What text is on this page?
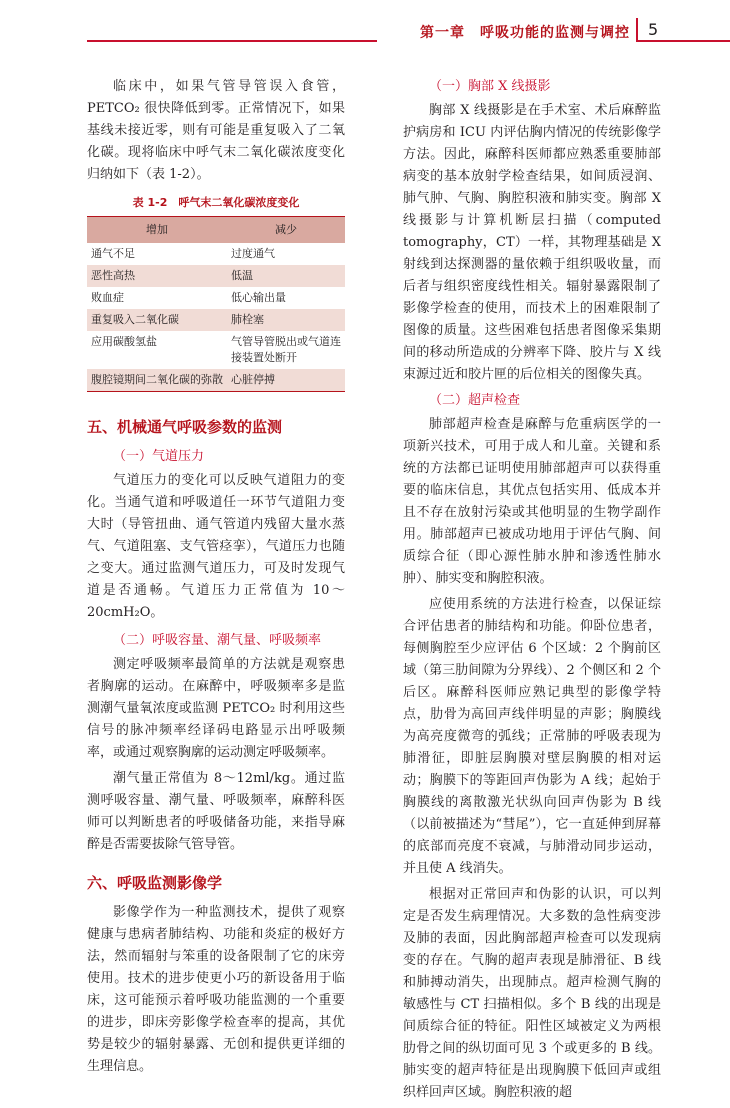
第一章　呼吸功能的监测与调控 5

临床中，如果气管导管误入食管，PETCO₂ 很快降低到零。正常情况下，如果基线未接近零，则有可能是重复吸入了二氧化碳。现将临床中呼气末二氧化碳浓度变化归纳如下（表 1-2）。

表 1-2　呼气末二氧化碳浓度变化
增加	减少
通气不足	过度通气
恶性高热	低温
败血症	低心输出量
重复吸入二氧化碳	肺栓塞
应用碳酸氢盐	气管导管脱出或气道连接装置处断开
腹腔镜期间二氧化碳的弥散	心脏停搏
五、机械通气呼吸参数的监测
（一）气道压力

气道压力的变化可以反映气道阻力的变化。当通气道和呼吸道任一环节气道阻力变大时（导管扭曲、通气管道内残留大量水蒸气、气道阻塞、支气管痉挛），气道压力也随之变大。通过监测气道压力，可及时发现气道是否通畅。气道压力正常值为 10～20cmH₂O。

（二）呼吸容量、潮气量、呼吸频率

测定呼吸频率最简单的方法就是观察患者胸廓的运动。在麻醉中，呼吸频率多是监测潮气量氧浓度或监测 PETCO₂ 时利用这些信号的脉冲频率经译码电路显示出呼吸频率，或通过观察胸廓的运动测定呼吸频率。

潮气量正常值为 8～12ml/kg。通过监测呼吸容量、潮气量、呼吸频率，麻醉科医师可以判断患者的呼吸储备功能，来指导麻醉是否需要拔除气管导管。

六、呼吸监测影像学

影像学作为一种监测技术，提供了观察健康与患病者肺结构、功能和炎症的极好方法，然而辐射与笨重的设备限制了它的床旁使用。技术的进步使更小巧的新设备用于临床，这可能预示着呼吸功能监测的一个重要的进步，即床旁影像学检查率的提高，其优势是较少的辐射暴露、无创和提供更详细的生理信息。

（一）胸部 X 线摄影

胸部 X 线摄影是在手术室、术后麻醉监护病房和 ICU 内评估胸内情况的传统影像学方法。因此，麻醉科医师都应熟悉重要肺部病变的基本放射学检查结果，如间质浸润、肺气肿、气胸、胸腔积液和肺实变。胸部 X 线摄影与计算机断层扫描（computed tomography，CT）一样，其物理基础是 X 射线到达探测器的量依赖于组织吸收量，而后者与组织密度线性相关。辐射暴露限制了影像学检查的使用，而技术上的困难限制了图像的质量。这些困难包括患者图像采集期间的移动所造成的分辨率下降、胶片与 X 线束源过近和胶片匣的后位相关的图像失真。

（二）超声检查

肺部超声检查是麻醉与危重病医学的一项新兴技术，可用于成人和儿童。关键和系统的方法都已证明使用肺部超声可以获得重要的临床信息，其优点包括实用、低成本并且不存在放射污染或其他明显的生物学副作用。肺部超声已被成功地用于评估气胸、间质综合征（即心源性肺水肿和渗透性肺水肿）、肺实变和胸腔积液。

应使用系统的方法进行检查，以保证综合评估患者的肺结构和功能。仰卧位患者，每侧胸腔至少应评估 6 个区域：2 个胸前区域（第三肋间隙为分界线）、2 个侧区和 2 个后区。麻醉科医师应熟记典型的影像学特点，肋骨为高回声线伴明显的声影；胸膜线为高亮度微弯的弧线；正常肺的呼吸表现为肺滑征，即脏层胸膜对壁层胸膜的相对运动；胸膜下的等距回声伪影为 A 线；起始于胸膜线的离散激光状纵向回声伪影为 B 线（以前被描述为“彗尾”），它一直延伸到屏幕的底部而亮度不衰减，与肺滑动同步运动，并且使 A 线消失。

根据对正常回声和伪影的认识，可以判定是否发生病理情况。大多数的急性病变涉及肺的表面，因此胸部超声检查可以发现病变的存在。气胸的超声表现是肺滑征、B 线和肺搏动消失，出现肺点。超声检测气胸的敏感性与 CT 扫描相似。多个 B 线的出现是间质综合征的特征。阳性区域被定义为两根肋骨之间的纵切面可见 3 个或更多的 B 线。肺实变的超声特征是出现胸膜下低回声或组织样回声区域。胸腔积液的超
